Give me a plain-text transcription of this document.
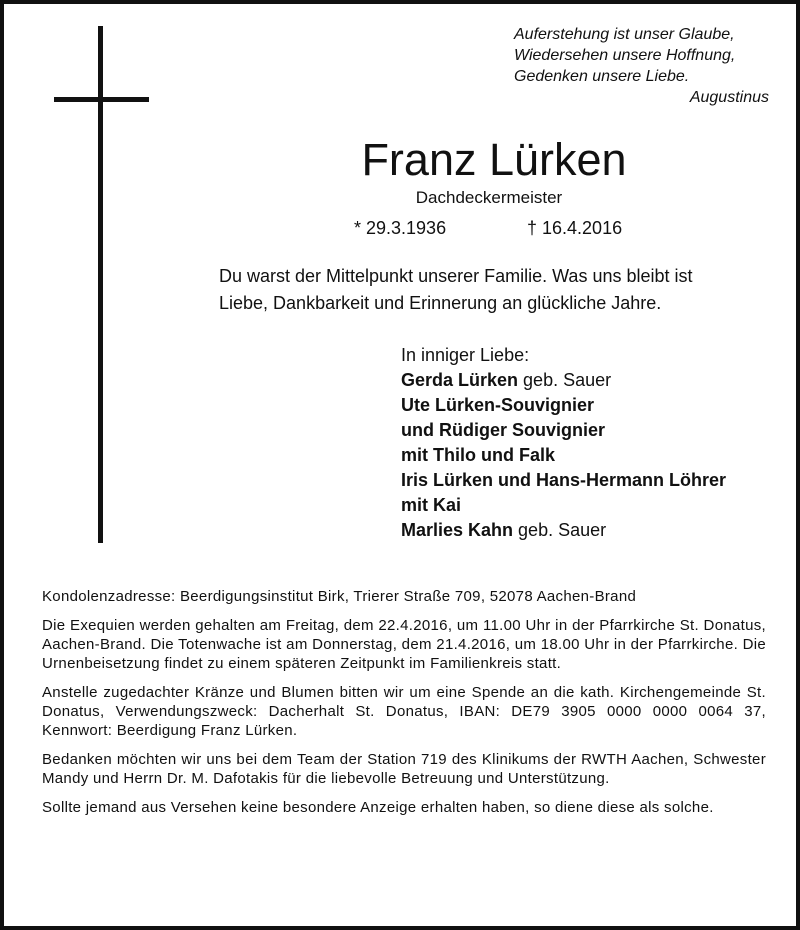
Auferstehung ist unser Glaube,
Wiedersehen unsere Hoffnung,
Gedenken unsere Liebe.
Augustinus
Franz Lürken
Dachdeckermeister
* 29.3.1936	† 16.4.2016
Du warst der Mittelpunkt unserer Familie. Was uns bleibt ist
Liebe, Dankbarkeit und Erinnerung an glückliche Jahre.
In inniger Liebe:
Gerda Lürken geb. Sauer
Ute Lürken-Souvignier
und Rüdiger Souvignier
mit Thilo und Falk
Iris Lürken und Hans-Hermann Löhrer
mit Kai
Marlies Kahn geb. Sauer

Kondolenzadresse: Beerdigungsinstitut Birk, Trierer Straße 709, 52078 Aachen-Brand

Die Exequien werden gehalten am Freitag, dem 22.4.2016, um 11.00 Uhr in der Pfarrkirche St. Donatus, Aachen-Brand. Die Totenwache ist am Donnerstag, dem 21.4.2016, um 18.00 Uhr in der Pfarrkirche. Die Urnenbeisetzung findet zu einem späteren Zeitpunkt im Familienkreis statt.

Anstelle zugedachter Kränze und Blumen bitten wir um eine Spende an die kath. Kirchengemeinde St. Donatus, Verwendungszweck: Dacherhalt St. Donatus, IBAN: DE79 3905 0000 0000 0064 37, Kennwort: Beerdigung Franz Lürken.

Bedanken möchten wir uns bei dem Team der Station 719 des Klinikums der RWTH Aachen, Schwester Mandy und Herrn Dr. M. Dafotakis für die liebevolle Betreuung und Unterstützung.

Sollte jemand aus Versehen keine besondere Anzeige erhalten haben, so diene diese als solche.
